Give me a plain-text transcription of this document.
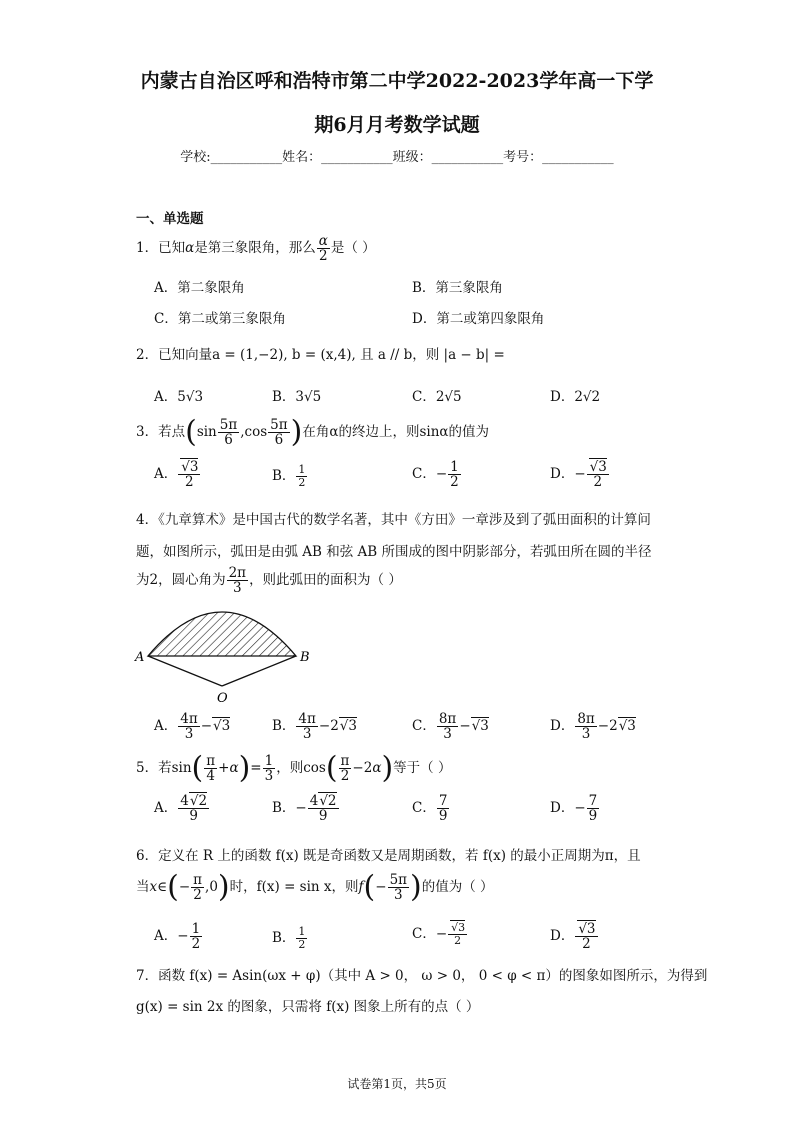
内蒙古自治区呼和浩特市第二中学2022-2023学年高一下学
期6月月考数学试题
学校:___________姓名：___________班级：___________考号：___________
一、单选题
1．已知α是第三象限角，那么 $\frac{\alpha}{2}$ 是（ ）
A．第二象限角	B．第三象限角
C．第二或第三象限角	D．第二或第四象限角
2．已知向量a = (1,−2), b = (x,4), 且 a // b，则 |a − b| =
A．5√3	B．3√5	C．2√5	D．2√2
3．若点($\sin \frac{5\pi}{6} ,\cos \frac{5\pi}{6}$ )在角α的终边上，则sinα的值为
A． $\frac{√3}{2}$	B． $\frac{1}{2}$	C．− $\frac{1}{2}$	D．− $\frac{√3}{2}$
4．《九章算术》是中国古代的数学名著，其中《方田》一章涉及到了弧田面积的计算问
题，如图所示，弧田是由弧 AB 和弦 AB 所围成的图中阴影部分，若弧田所在圆的半径
为2，圆心角为 $\frac{2\pi}{3}$ ，则此弧田的面积为（ ）
A	B
O
A． $\frac{4\pi}{3} -√3$	B． $\frac{4\pi}{3} -2√3$	C． $\frac{8\pi}{3} -√3$	D． $\frac{8\pi}{3} -2√3$
5．若$\sin( \frac{\pi}{4} +\alpha)= \frac{1}{3}$ ，则$\cos( \frac{\pi}{2} -2\alpha)$等于（ ）
A． $\frac{4√2}{9}$	B．− $\frac{4√2}{9}$	C． $\frac{7}{9}$	D．− $\frac{7}{9}$
6．定义在 R 上的函数 f(x) 既是奇函数又是周期函数，若 f(x) 的最小正周期为π，且
当x∈(− $\frac{\pi}{2} ,0$)时，f(x) = sin x，则$f(- \frac{5\pi}{3}$ )的值为（ ）
A．− $\frac{1}{2}$	B． $\frac{1}{2}$	C．− $\frac{√3}{2}$	D． $\frac{√3}{2}$
7．函数 f(x) = Asin(ωx + φ)（其中 A > 0， ω > 0， 0 < φ < π）的图象如图所示，为得到
g(x) = sin 2x 的图象，只需将 f(x) 图象上所有的点（ ）
试卷第1页，共5页
